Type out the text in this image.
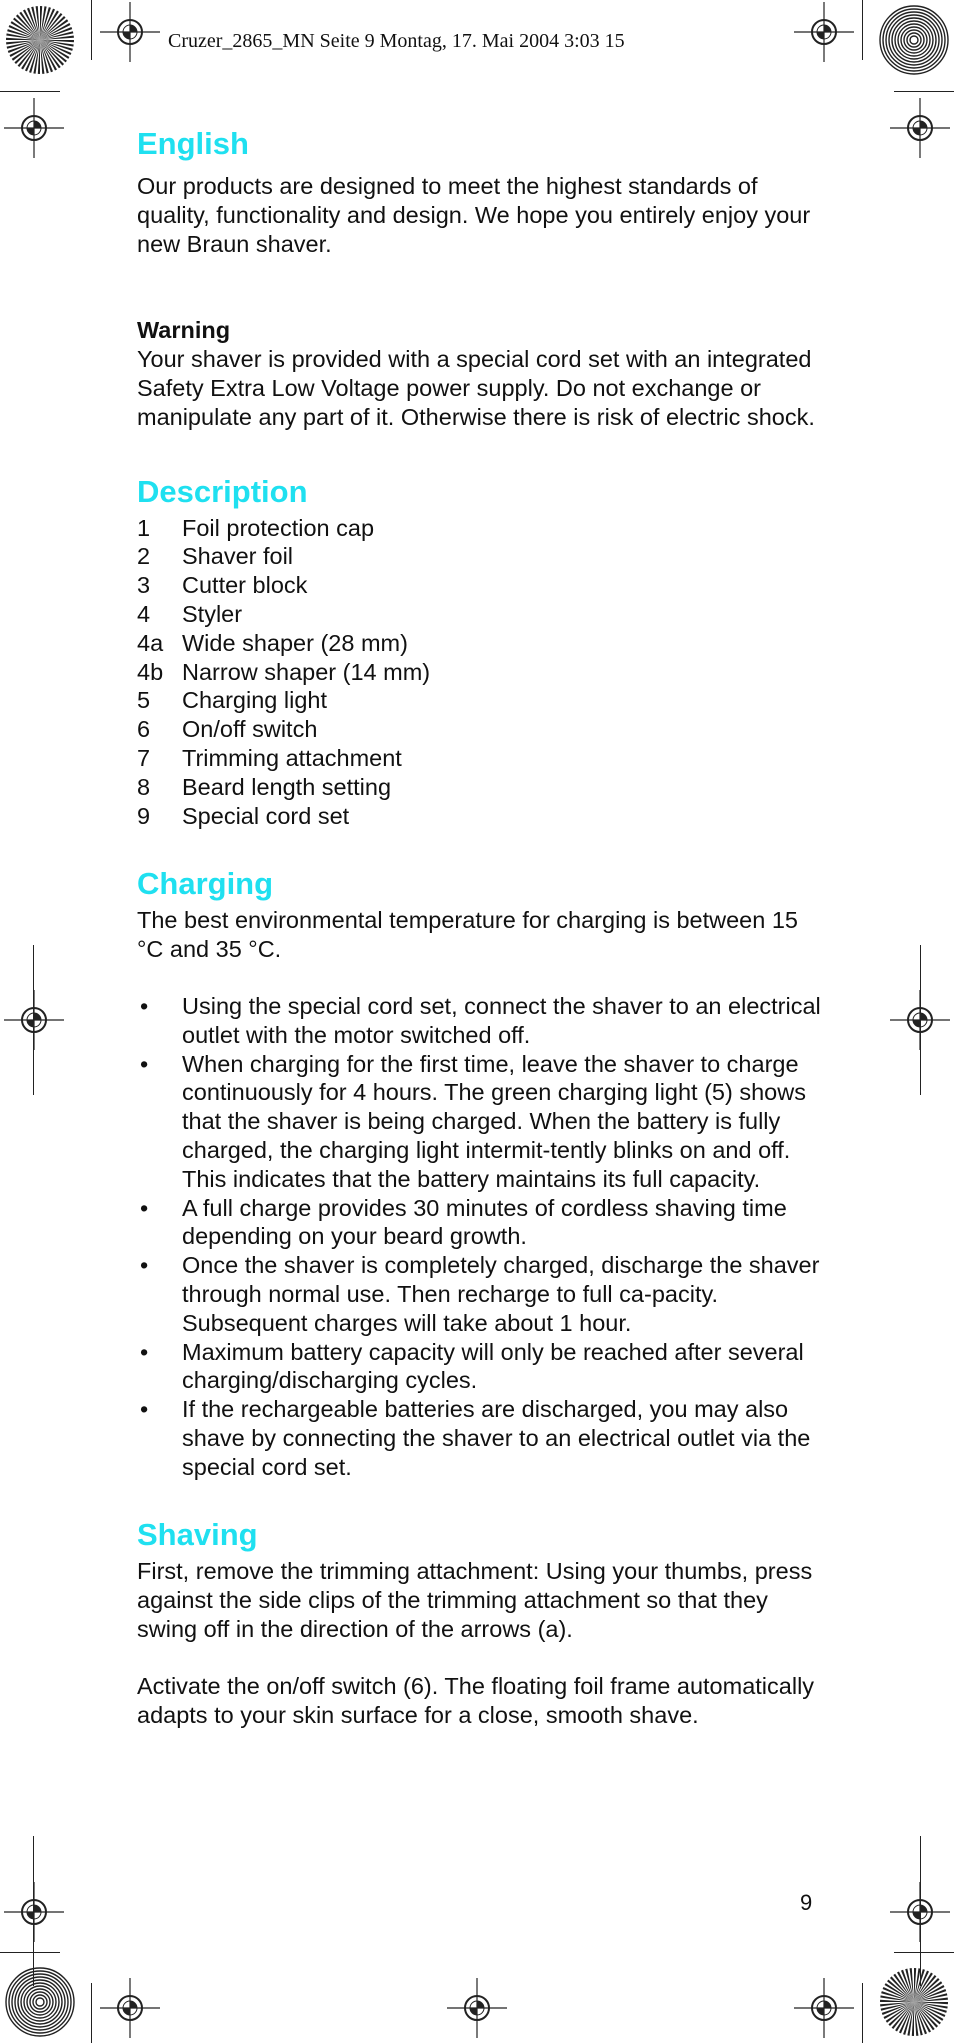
Cruzer_2865_MN Seite 9 Montag, 17. Mai 2004 3:03 15
English

Our products are designed to meet the highest standards of quality, functionality and design. We hope you entirely enjoy your new Braun shaver.

Warning

Your shaver is provided with a special cord set with an integrated Safety Extra Low Voltage power supply. Do not exchange or manipulate any part of it. Otherwise there is risk of electric shock.

Description
1	Foil protection cap
2	Shaver foil
3	Cutter block
4	Styler
4a Wide shaper (28 mm)
4b Narrow shaper (14 mm)
5	Charging light
6	On/off switch
7	Trimming attachment
8	Beard length setting
9	Special cord set
Charging

The best environmental temperature for charging is between 15 °C and 35 °C.

•	Using the special cord set, connect the shaver to an electrical outlet with the motor switched off.
•	When charging for the first time, leave the shaver to charge continuously for 4 hours. The green charging light (5) shows that the shaver is being charged. When the battery is fully charged, the charging light intermit-tently blinks on and off. This indicates that the battery maintains its full capacity.
•	A full charge provides 30 minutes of cordless shaving time depending on your beard growth.
•	Once the shaver is completely charged, discharge the shaver through normal use. Then recharge to full ca-pacity. Subsequent charges will take about 1 hour.
•	Maximum battery capacity will only be reached after several charging/discharging cycles.
•	If the rechargeable batteries are discharged, you may also shave by connecting the shaver to an electrical outlet via the special cord set.
Shaving

First, remove the trimming attachment: Using your thumbs, press against the side clips of the trimming attachment so that they swing off in the direction of the arrows (a).

Activate the on/off switch (6). The floating foil frame automatically adapts to your skin surface for a close, smooth shave.

9
